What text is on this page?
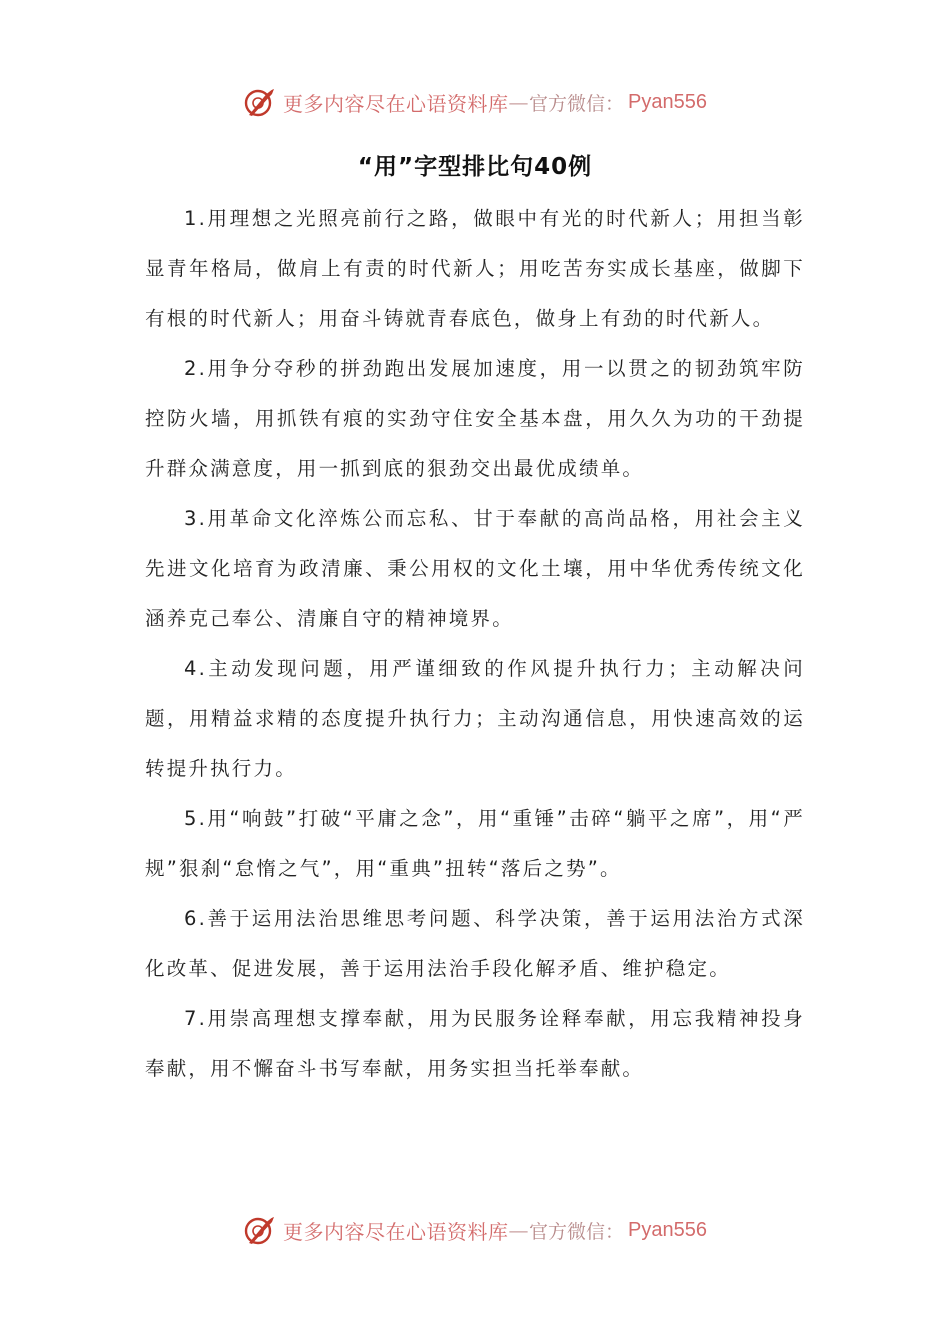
更多内容尽在心语资料库 — 官方微信： Pyan556
“用”字型排比句40例

1.用理想之光照亮前行之路，做眼中有光的时代新人；用担当彰显青年格局，做肩上有责的时代新人；用吃苦夯实成长基座，做脚下有根的时代新人；用奋斗铸就青春底色，做身上有劲的时代新人。

2.用争分夺秒的拼劲跑出发展加速度，用一以贯之的韧劲筑牢防控防火墙，用抓铁有痕的实劲守住安全基本盘，用久久为功的干劲提升群众满意度，用一抓到底的狠劲交出最优成绩单。

3.用革命文化淬炼公而忘私、甘于奉献的高尚品格，用社会主义先进文化培育为政清廉、秉公用权的文化土壤，用中华优秀传统文化涵养克己奉公、清廉自守的精神境界。

4.主动发现问题，用严谨细致的作风提升执行力；主动解决问题，用精益求精的态度提升执行力；主动沟通信息，用快速高效的运转提升执行力。

5.用“响鼓”打破“平庸之念”，用“重锤”击碎“躺平之席”，用“严规”狠刹“怠惰之气”，用“重典”扭转“落后之势”。

6.善于运用法治思维思考问题、科学决策，善于运用法治方式深化改革、促进发展，善于运用法治手段化解矛盾、维护稳定。

7.用崇高理想支撑奉献，用为民服务诠释奉献，用忘我精神投身奉献，用不懈奋斗书写奉献，用务实担当托举奉献。

更多内容尽在心语资料库 — 官方微信： Pyan556
